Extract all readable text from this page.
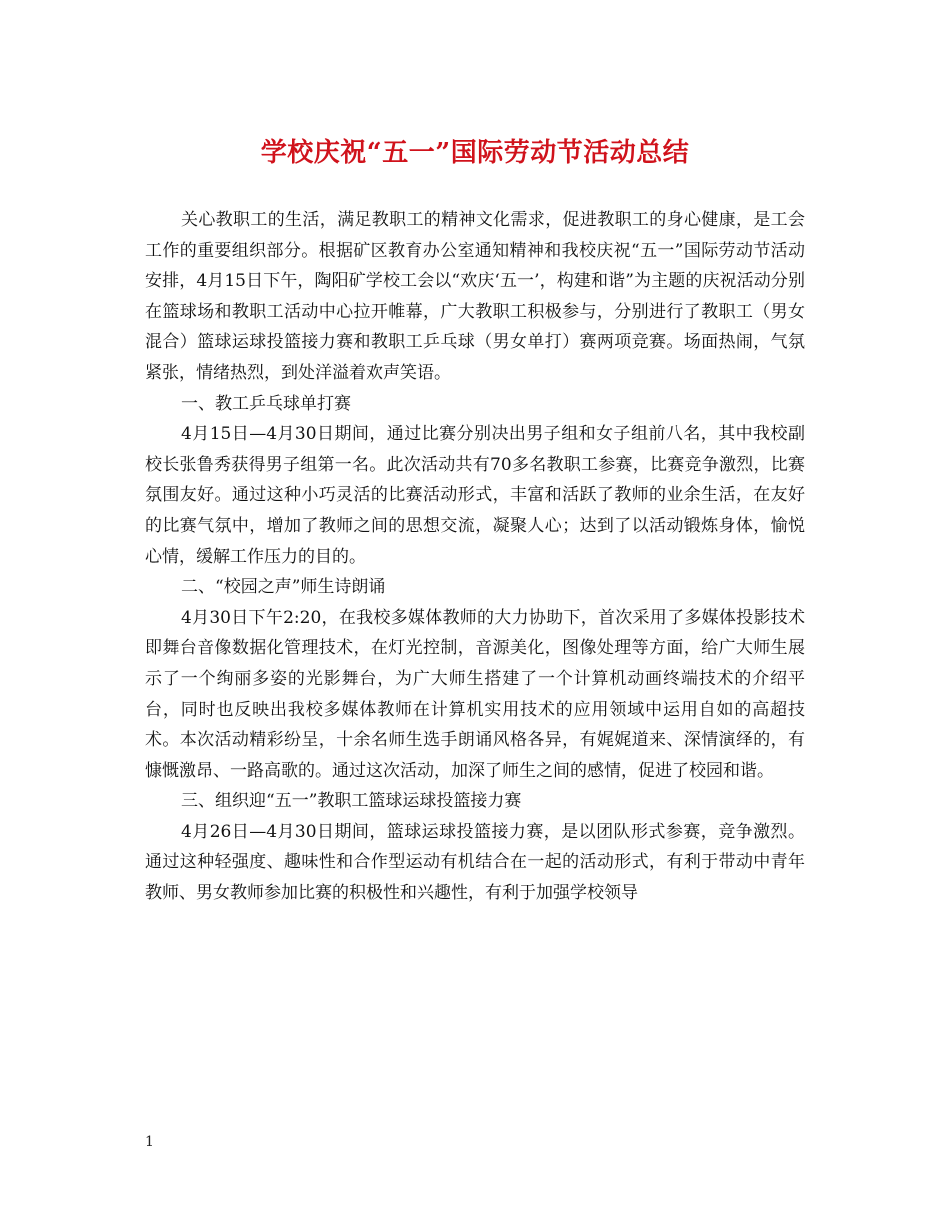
学校庆祝“五一”国际劳动节活动总结

关心教职工的生活，满足教职工的精神文化需求，促进教职工的身心健康，是工会工作的重要组织部分。根据矿区教育办公室通知精神和我校庆祝“五一”国际劳动节活动安排，4月15日下午，陶阳矿学校工会以“欢庆‘五一’，构建和谐”为主题的庆祝活动分别在篮球场和教职工活动中心拉开帷幕，广大教职工积极参与，分别进行了教职工（男女混合）篮球运球投篮接力赛和教职工乒乓球（男女单打）赛两项竞赛。场面热闹，气氛紧张，情绪热烈，到处洋溢着欢声笑语。

一、教工乒乓球单打赛

4月15日—4月30日期间，通过比赛分别决出男子组和女子组前八名，其中我校副校长张鲁秀获得男子组第一名。此次活动共有70多名教职工参赛，比赛竞争激烈，比赛氛围友好。通过这种小巧灵活的比赛活动形式，丰富和活跃了教师的业余生活，在友好的比赛气氛中，增加了教师之间的思想交流，凝聚人心；达到了以活动锻炼身体，愉悦心情，缓解工作压力的目的。

二、“校园之声”师生诗朗诵

4月30日下午2:20，在我校多媒体教师的大力协助下，首次采用了多媒体投影技术即舞台音像数据化管理技术，在灯光控制，音源美化，图像处理等方面，给广大师生展示了一个绚丽多姿的光影舞台，为广大师生搭建了一个计算机动画终端技术的介绍平台，同时也反映出我校多媒体教师在计算机实用技术的应用领域中运用自如的高超技术。本次活动精彩纷呈，十余名师生选手朗诵风格各异，有娓娓道来、深情演绎的，有慷慨激昂、一路高歌的。通过这次活动，加深了师生之间的感情，促进了校园和谐。

三、组织迎“五一”教职工篮球运球投篮接力赛

4月26日—4月30日期间，篮球运球投篮接力赛，是以团队形式参赛，竞争激烈。通过这种轻强度、趣味性和合作型运动有机结合在一起的活动形式，有利于带动中青年教师、男女教师参加比赛的积极性和兴趣性，有利于加强学校领导

1
